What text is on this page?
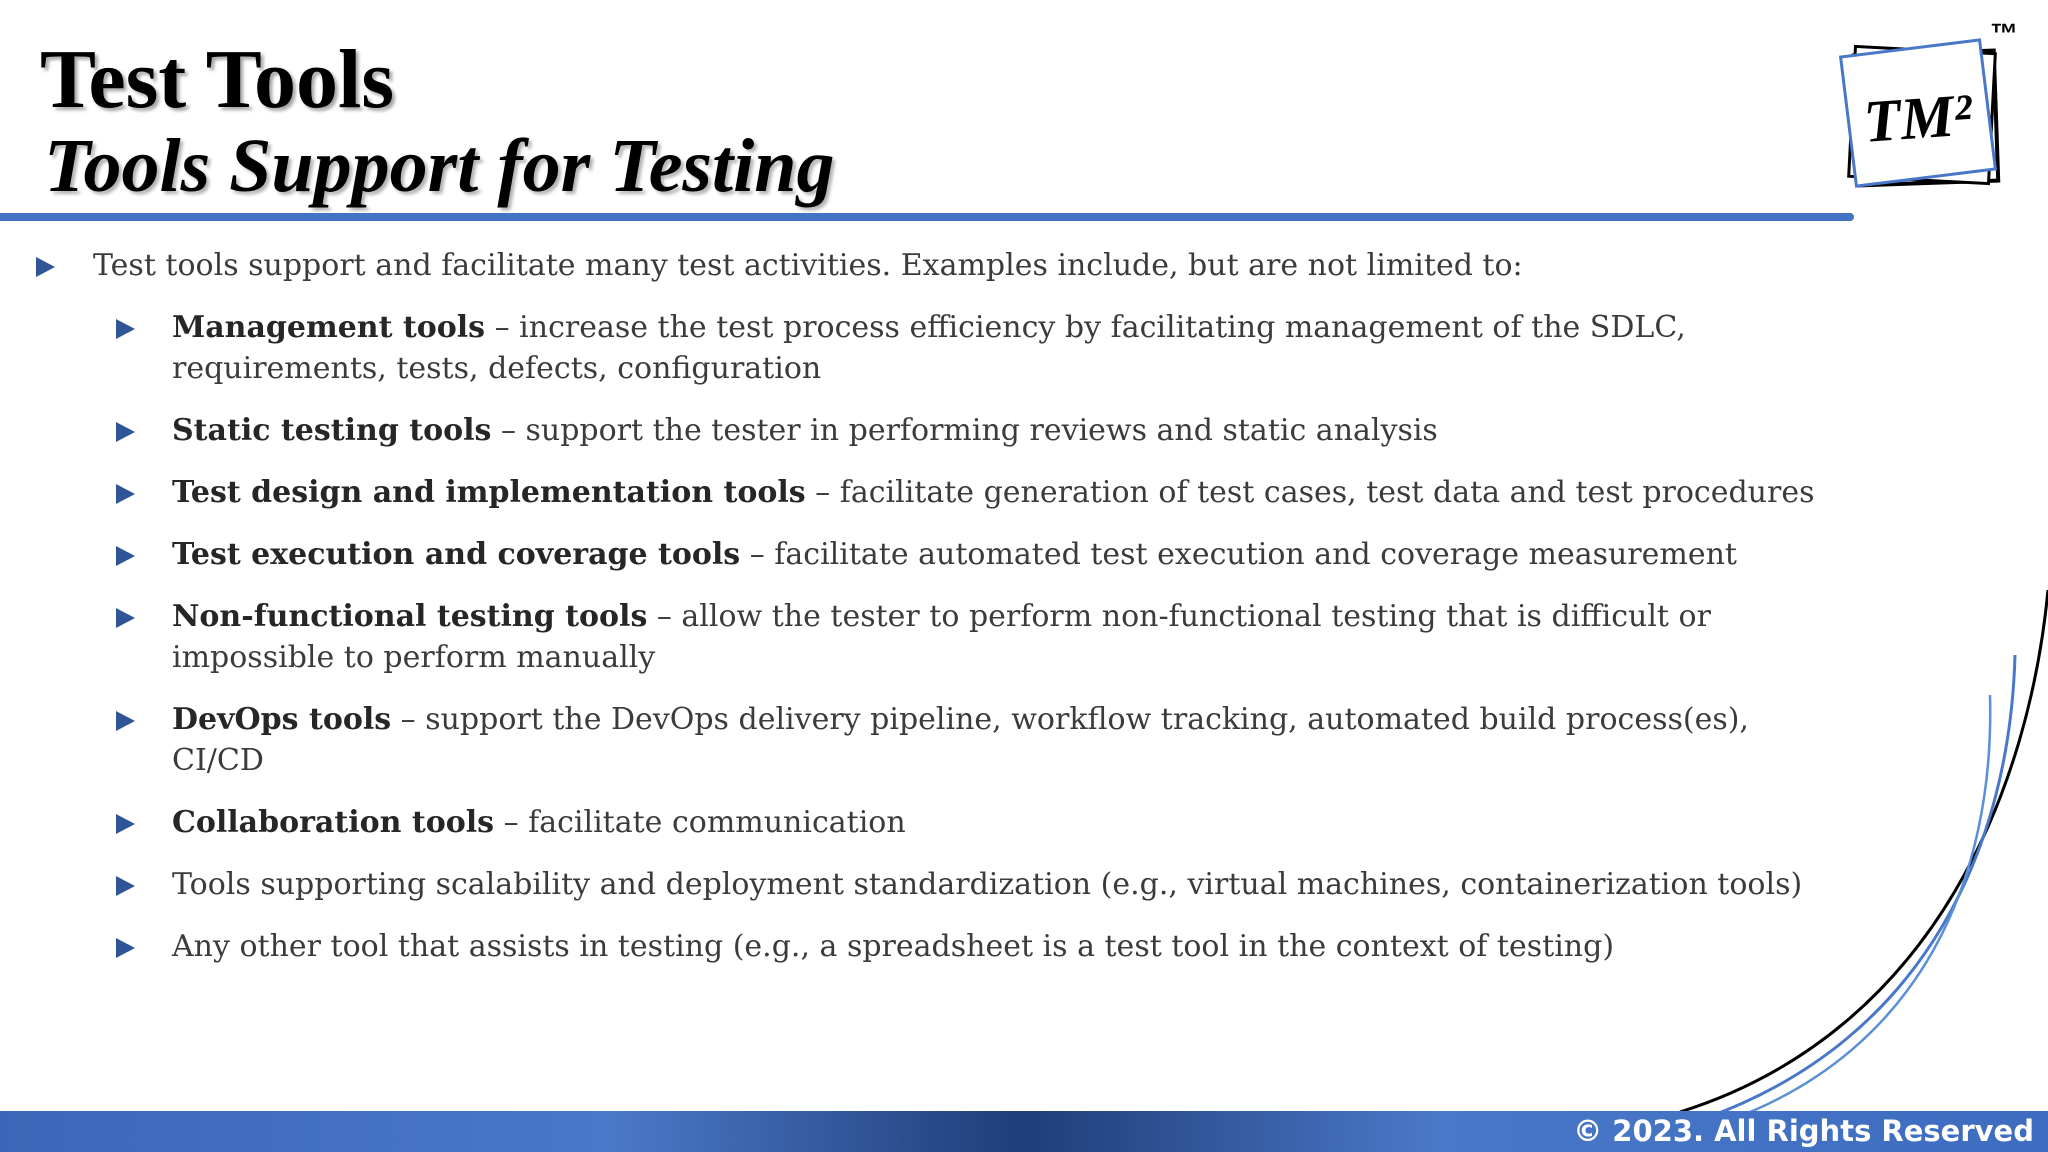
Test Tools
Tools Support for Testing
™
TM²
Test tools support and facilitate many test activities. Examples include, but are not limited to:
Management tools – increase the test process efficiency by facilitating management of the SDLC, requirements, tests, defects, configuration
Static testing tools – support the tester in performing reviews and static analysis
Test design and implementation tools – facilitate generation of test cases, test data and test procedures
Test execution and coverage tools – facilitate automated test execution and coverage measurement
Non-functional testing tools – allow the tester to perform non-functional testing that is difficult or impossible to perform manually
DevOps tools – support the DevOps delivery pipeline, workflow tracking, automated build process(es), CI/CD
Collaboration tools – facilitate communication
Tools supporting scalability and deployment standardization (e.g., virtual machines, containerization tools)
Any other tool that assists in testing (e.g., a spreadsheet is a test tool in the context of testing)
© 2023. All Rights Reserved
